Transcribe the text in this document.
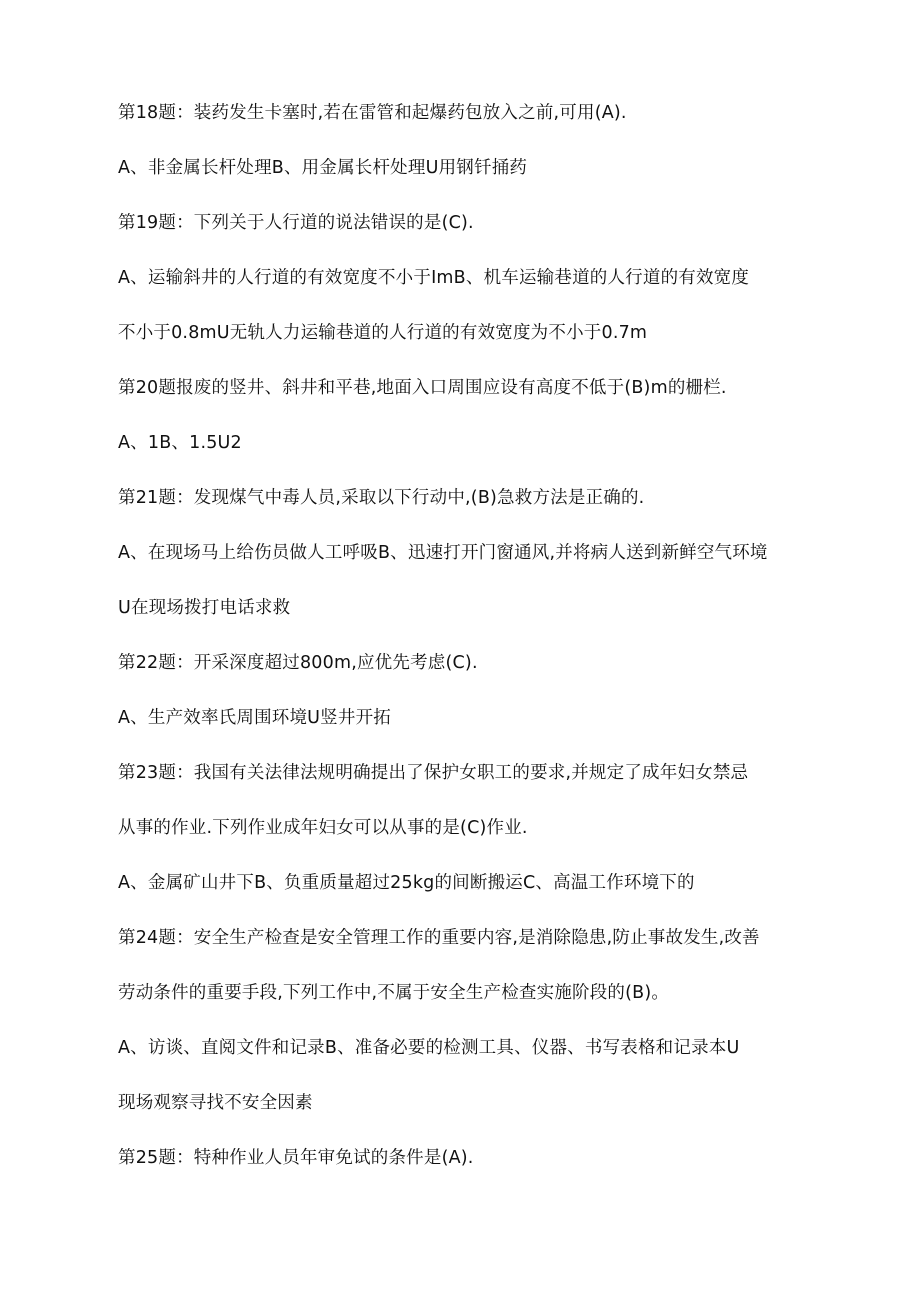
第18题：装药发生卡塞时,若在雷管和起爆药包放入之前,可用(A).

A、非金属长杆处理B、用金属长杆处理U用钢钎捅药

第19题：下列关于人行道的说法错误的是(C).

A、运输斜井的人行道的有效宽度不小于ImB、机车运输巷道的人行道的有效宽度

不小于0.8mU无轨人力运输巷道的人行道的有效宽度为不小于0.7m

第20题报废的竖井、斜井和平巷,地面入口周围应设有高度不低于(B)m的栅栏.

A、1B、1.5U2

第21题：发现煤气中毒人员,采取以下行动中,(B)急救方法是正确的.

A、在现场马上给伤员做人工呼吸B、迅速打开门窗通风,并将病人送到新鲜空气环境

U在现场拨打电话求救

第22题：开采深度超过800m,应优先考虑(C).

A、生产效率氏周围环境U竖井开拓

第23题：我国有关法律法规明确提出了保护女职工的要求,并规定了成年妇女禁忌

从事的作业.下列作业成年妇女可以从事的是(C)作业.

A、金属矿山井下B、负重质量超过25kg的间断搬运C、高温工作环境下的

第24题：安全生产检查是安全管理工作的重要内容,是消除隐患,防止事故发生,改善

劳动条件的重要手段,下列工作中,不属于安全生产检查实施阶段的(B)。

A、访谈、直阅文件和记录B、准备必要的检测工具、仪器、书写表格和记录本U

现场观察寻找不安全因素

第25题：特种作业人员年审免试的条件是(A).
